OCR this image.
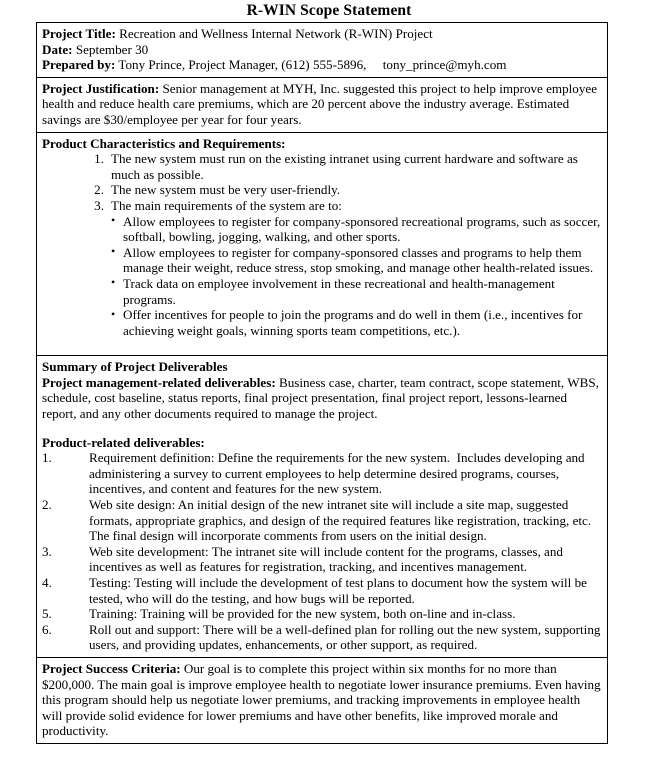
R-WIN Scope Statement

Project Title: Recreation and Wellness Internal Network (R-WIN) Project

Date: September 30

Prepared by: Tony Prince, Project Manager, (612) 555-5896,     tony_prince@myh.com

Project Justification: Senior management at MYH, Inc. suggested this project to help improve employee health and reduce health care premiums, which are 20 percent above the industry average. Estimated savings are $30/employee per year for four years.

Product Characteristics and Requirements:

1. The new system must run on the existing intranet using current hardware and software as much as possible.
2. The new system must be very user-friendly.
3. The main requirements of the system are to:
• Allow employees to register for company-sponsored recreational programs, such as soccer, softball, bowling, jogging, walking, and other sports.
• Allow employees to register for company-sponsored classes and programs to help them manage their weight, reduce stress, stop smoking, and manage other health-related issues.
• Track data on employee involvement in these recreational and health-management programs.
• Offer incentives for people to join the programs and do well in them (i.e., incentives for achieving weight goals, winning sports team competitions, etc.).

Summary of Project Deliverables

Project management-related deliverables: Business case, charter, team contract, scope statement, WBS, schedule, cost baseline, status reports, final project presentation, final project report, lessons-learned report, and any other documents required to manage the project.

Product-related deliverables:

1.	Requirement definition: Define the requirements for the new system.  Includes developing and administering a survey to current employees to help determine desired programs, courses, incentives, and content and features for the new system.
2.	Web site design: An initial design of the new intranet site will include a site map, suggested formats, appropriate graphics, and design of the required features like registration, tracking, etc. The final design will incorporate comments from users on the initial design.
3.	Web site development: The intranet site will include content for the programs, classes, and incentives as well as features for registration, tracking, and incentives management.
4.	Testing: Testing will include the development of test plans to document how the system will be tested, who will do the testing, and how bugs will be reported.
5.	Training: Training will be provided for the new system, both on-line and in-class.
6.	Roll out and support: There will be a well-defined plan for rolling out the new system, supporting users, and providing updates, enhancements, or other support, as required.

Project Success Criteria: Our goal is to complete this project within six months for no more than $200,000. The main goal is improve employee health to negotiate lower insurance premiums. Even having this program should help us negotiate lower premiums, and tracking improvements in employee health will provide solid evidence for lower premiums and have other benefits, like improved morale and productivity.
